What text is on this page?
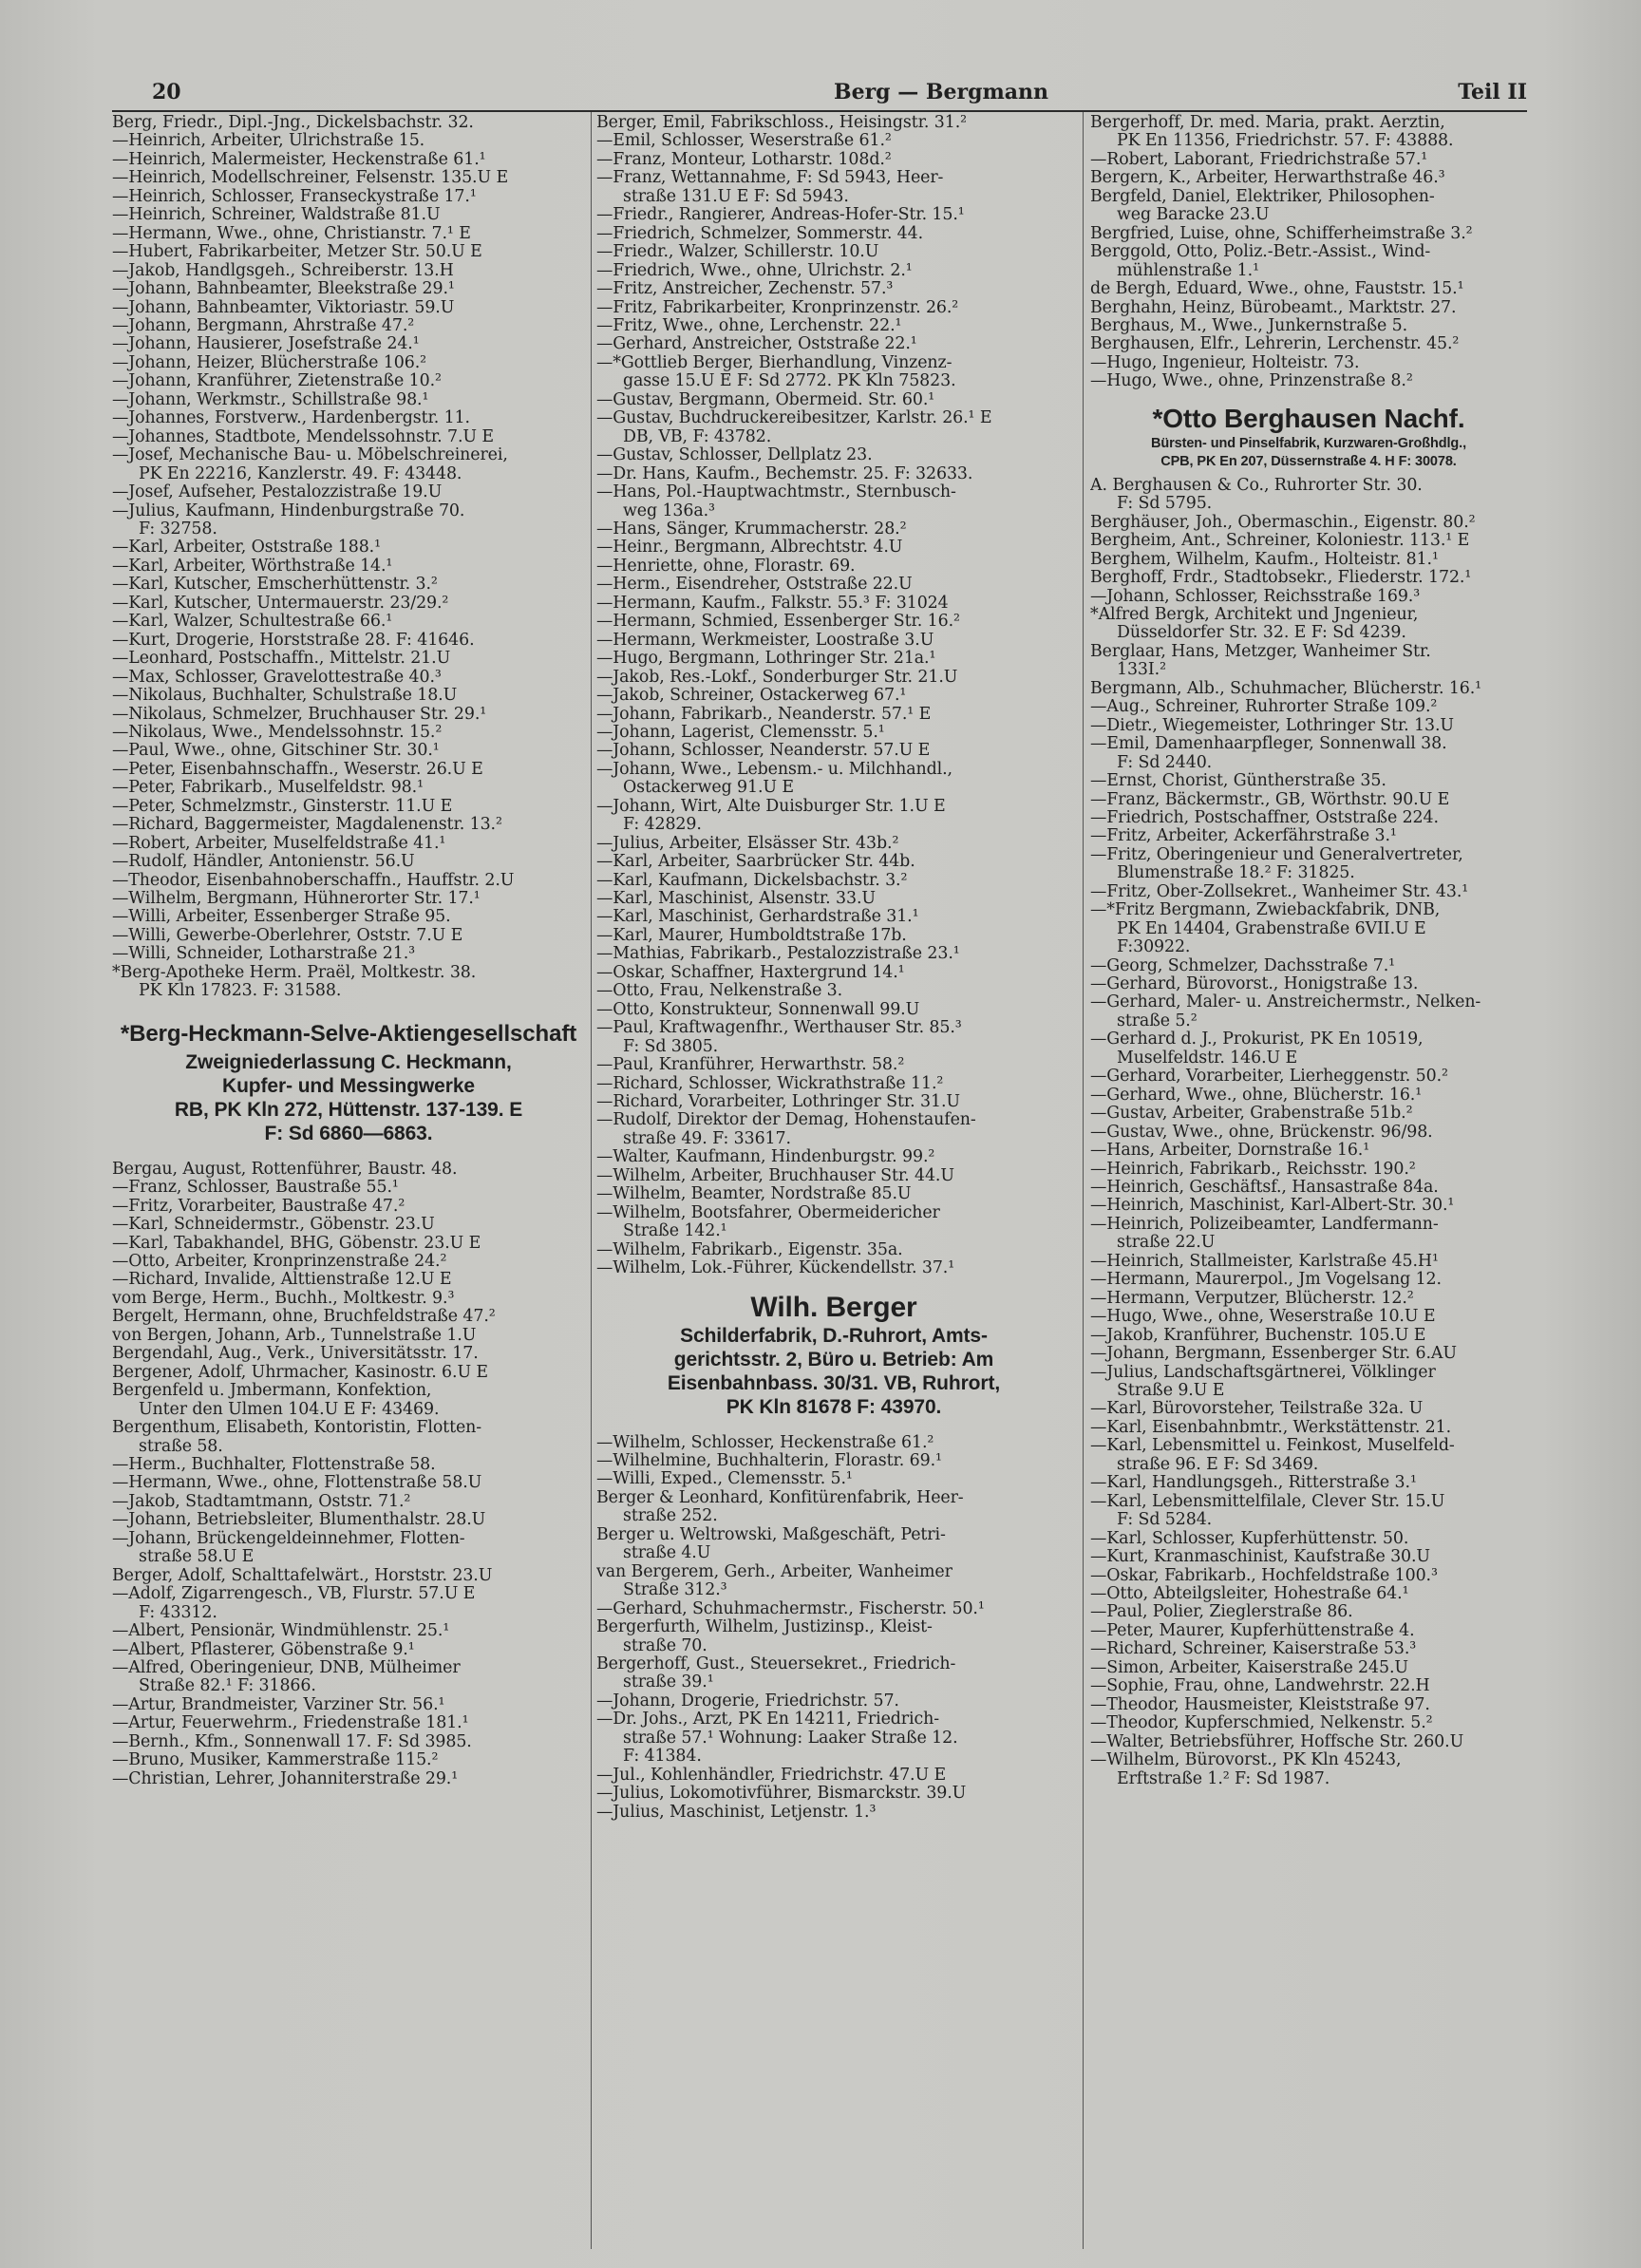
20	Berg — Bergmann	Teil II
Berg, Friedr., Dipl.-Jng., Dickelsbachstr. 32.
—Heinrich, Arbeiter, Ulrichstraße 15.
—Heinrich, Malermeister, Heckenstraße 61.¹
—Heinrich, Modellschreiner, Felsenstr. 135.U E
—Heinrich, Schlosser, Franseckystraße 17.¹
—Heinrich, Schreiner, Waldstraße 81.U
—Hermann, Wwe., ohne, Christianstr. 7.¹ E
—Hubert, Fabrikarbeiter, Metzer Str. 50.U E
—Jakob, Handlgsgeh., Schreiberstr. 13.H
—Johann, Bahnbeamter, Bleekstraße 29.¹
—Johann, Bahnbeamter, Viktoriastr. 59.U
—Johann, Bergmann, Ahrstraße 47.²
—Johann, Hausierer, Josefstraße 24.¹
—Johann, Heizer, Blücherstraße 106.²
—Johann, Kranführer, Zietenstraße 10.²
—Johann, Werkmstr., Schillstraße 98.¹
—Johannes, Forstverw., Hardenbergstr. 11.
—Johannes, Stadtbote, Mendelssohnstr. 7.U E
—Josef, Mechanische Bau- u. Möbelschreinerei,
PK En 22216, Kanzlerstr. 49. F: 43448.
—Josef, Aufseher, Pestalozzistraße 19.U
—Julius, Kaufmann, Hindenburgstraße 70.
F: 32758.
—Karl, Arbeiter, Oststraße 188.¹
—Karl, Arbeiter, Wörthstraße 14.¹
—Karl, Kutscher, Emscherhüttenstr. 3.²
—Karl, Kutscher, Untermauerstr. 23/29.²
—Karl, Walzer, Schultestraße 66.¹
—Kurt, Drogerie, Horststraße 28. F: 41646.
—Leonhard, Postschaffn., Mittelstr. 21.U
—Max, Schlosser, Gravelottestraße 40.³
—Nikolaus, Buchhalter, Schulstraße 18.U
—Nikolaus, Schmelzer, Bruchhauser Str. 29.¹
—Nikolaus, Wwe., Mendelssohnstr. 15.²
—Paul, Wwe., ohne, Gitschiner Str. 30.¹
—Peter, Eisenbahnschaffn., Weserstr. 26.U E
—Peter, Fabrikarb., Muselfeldstr. 98.¹
—Peter, Schmelzmstr., Ginsterstr. 11.U E
—Richard, Baggermeister, Magdalenenstr. 13.²
—Robert, Arbeiter, Muselfeldstraße 41.¹
—Rudolf, Händler, Antonienstr. 56.U
—Theodor, Eisenbahnoberschaffn., Hauffstr. 2.U
—Wilhelm, Bergmann, Hühnerorter Str. 17.¹
—Willi, Arbeiter, Essenberger Straße 95.
—Willi, Gewerbe-Oberlehrer, Oststr. 7.U E
—Willi, Schneider, Lotharstraße 21.³
*Berg-Apotheke Herm. Praël, Moltkestr. 38.
PK Kln 17823. F: 31588.
*Berg-Heckmann-Selve-Aktiengesellschaft
Zweigniederlassung C. Heckmann,
Kupfer- und Messingwerke
RB, PK Kln 272, Hüttenstr. 137-139. E
F: Sd 6860—6863.
Bergau, August, Rottenführer, Baustr. 48.
—Franz, Schlosser, Baustraße 55.¹
—Fritz, Vorarbeiter, Baustraße 47.²
—Karl, Schneidermstr., Göbenstr. 23.U
—Karl, Tabakhandel, BHG, Göbenstr. 23.U E
—Otto, Arbeiter, Kronprinzenstraße 24.²
—Richard, Invalide, Alttienstraße 12.U E
vom Berge, Herm., Buchh., Moltkestr. 9.³
Bergelt, Hermann, ohne, Bruchfeldstraße 47.²
von Bergen, Johann, Arb., Tunnelstraße 1.U
Bergendahl, Aug., Verk., Universitätsstr. 17.
Bergener, Adolf, Uhrmacher, Kasinostr. 6.U E
Bergenfeld u. Jmbermann, Konfektion,
Unter den Ulmen 104.U E F: 43469.
Bergenthum, Elisabeth, Kontoristin, Flotten-
straße 58.
—Herm., Buchhalter, Flottenstraße 58.
—Hermann, Wwe., ohne, Flottenstraße 58.U
—Jakob, Stadtamtmann, Oststr. 71.²
—Johann, Betriebsleiter, Blumenthalstr. 28.U
—Johann, Brückengeldeinnehmer, Flotten-
straße 58.U E
Berger, Adolf, Schalttafelwärt., Horststr. 23.U
—Adolf, Zigarrengesch., VB, Flurstr. 57.U E
F: 43312.
—Albert, Pensionär, Windmühlenstr. 25.¹
—Albert, Pflasterer, Göbenstraße 9.¹
—Alfred, Oberingenieur, DNB, Mülheimer
Straße 82.¹ F: 31866.
—Artur, Brandmeister, Varziner Str. 56.¹
—Artur, Feuerwehrm., Friedenstraße 181.¹
—Bernh., Kfm., Sonnenwall 17. F: Sd 3985.
—Bruno, Musiker, Kammerstraße 115.²
—Christian, Lehrer, Johanniterstraße 29.¹
Berger, Emil, Fabrikschloss., Heisingstr. 31.²
—Emil, Schlosser, Weserstraße 61.²
—Franz, Monteur, Lotharstr. 108d.²
—Franz, Wettannahme, F: Sd 5943, Heer-
straße 131.U E F: Sd 5943.
—Friedr., Rangierer, Andreas-Hofer-Str. 15.¹
—Friedrich, Schmelzer, Sommerstr. 44.
—Friedr., Walzer, Schillerstr. 10.U
—Friedrich, Wwe., ohne, Ulrichstr. 2.¹
—Fritz, Anstreicher, Zechenstr. 57.³
—Fritz, Fabrikarbeiter, Kronprinzenstr. 26.²
—Fritz, Wwe., ohne, Lerchenstr. 22.¹
—Gerhard, Anstreicher, Oststraße 22.¹
—*Gottlieb Berger, Bierhandlung, Vinzenz-
gasse 15.U E F: Sd 2772. PK Kln 75823.
—Gustav, Bergmann, Obermeid. Str. 60.¹
—Gustav, Buchdruckereibesitzer, Karlstr. 26.¹ E
DB, VB, F: 43782.
—Gustav, Schlosser, Dellplatz 23.
—Dr. Hans, Kaufm., Bechemstr. 25. F: 32633.
—Hans, Pol.-Hauptwachtmstr., Sternbusch-
weg 136a.³
—Hans, Sänger, Krummacherstr. 28.²
—Heinr., Bergmann, Albrechtstr. 4.U
—Henriette, ohne, Florastr. 69.
—Herm., Eisendreher, Oststraße 22.U
—Hermann, Kaufm., Falkstr. 55.³ F: 31024
—Hermann, Schmied, Essenberger Str. 16.²
—Hermann, Werkmeister, Loostraße 3.U
—Hugo, Bergmann, Lothringer Str. 21a.¹
—Jakob, Res.-Lokf., Sonderburger Str. 21.U
—Jakob, Schreiner, Ostackerweg 67.¹
—Johann, Fabrikarb., Neanderstr. 57.¹ E
—Johann, Lagerist, Clemensstr. 5.¹
—Johann, Schlosser, Neanderstr. 57.U E
—Johann, Wwe., Lebensm.- u. Milchhandl.,
Ostackerweg 91.U E
—Johann, Wirt, Alte Duisburger Str. 1.U E
F: 42829.
—Julius, Arbeiter, Elsässer Str. 43b.²
—Karl, Arbeiter, Saarbrücker Str. 44b.
—Karl, Kaufmann, Dickelsbachstr. 3.²
—Karl, Maschinist, Alsenstr. 33.U
—Karl, Maschinist, Gerhardstraße 31.¹
—Karl, Maurer, Humboldtstraße 17b.
—Mathias, Fabrikarb., Pestalozzistraße 23.¹
—Oskar, Schaffner, Haxtergrund 14.¹
—Otto, Frau, Nelkenstraße 3.
—Otto, Konstrukteur, Sonnenwall 99.U
—Paul, Kraftwagenfhr., Werthauser Str. 85.³
F: Sd 3805.
—Paul, Kranführer, Herwarthstr. 58.²
—Richard, Schlosser, Wickrathstraße 11.²
—Richard, Vorarbeiter, Lothringer Str. 31.U
—Rudolf, Direktor der Demag, Hohenstaufen-
straße 49. F: 33617.
—Walter, Kaufmann, Hindenburgstr. 99.²
—Wilhelm, Arbeiter, Bruchhauser Str. 44.U
—Wilhelm, Beamter, Nordstraße 85.U
—Wilhelm, Bootsfahrer, Obermeidericher
Straße 142.¹
—Wilhelm, Fabrikarb., Eigenstr. 35a.
—Wilhelm, Lok.-Führer, Kückendellstr. 37.¹
Wilh. Berger
Schilderfabrik, D.-Ruhrort, Amts-
gerichtsstr. 2, Büro u. Betrieb: Am
Eisenbahnbass. 30/31. VB, Ruhrort,
PK Kln 81678 F: 43970.
—Wilhelm, Schlosser, Heckenstraße 61.²
—Wilhelmine, Buchhalterin, Florastr. 69.¹
—Willi, Exped., Clemensstr. 5.¹
Berger & Leonhard, Konfitürenfabrik, Heer-
straße 252.
Berger u. Weltrowski, Maßgeschäft, Petri-
straße 4.U
van Bergerem, Gerh., Arbeiter, Wanheimer
Straße 312.³
—Gerhard, Schuhmachermstr., Fischerstr. 50.¹
Bergerfurth, Wilhelm, Justizinsp., Kleist-
straße 70.
Bergerhoff, Gust., Steuersekret., Friedrich-
straße 39.¹
—Johann, Drogerie, Friedrichstr. 57.
—Dr. Johs., Arzt, PK En 14211, Friedrich-
straße 57.¹ Wohnung: Laaker Straße 12.
F: 41384.
—Jul., Kohlenhändler, Friedrichstr. 47.U E
—Julius, Lokomotivführer, Bismarckstr. 39.U
—Julius, Maschinist, Letjenstr. 1.³
Bergerhoff, Dr. med. Maria, prakt. Aerztin,
PK En 11356, Friedrichstr. 57. F: 43888.
—Robert, Laborant, Friedrichstraße 57.¹
Bergern, K., Arbeiter, Herwarthstraße 46.³
Bergfeld, Daniel, Elektriker, Philosophen-
weg Baracke 23.U
Bergfried, Luise, ohne, Schifferheimstraße 3.²
Berggold, Otto, Poliz.-Betr.-Assist., Wind-
mühlenstraße 1.¹
de Bergh, Eduard, Wwe., ohne, Fauststr. 15.¹
Berghahn, Heinz, Bürobeamt., Marktstr. 27.
Berghaus, M., Wwe., Junkernstraße 5.
Berghausen, Elfr., Lehrerin, Lerchenstr. 45.²
—Hugo, Ingenieur, Holteistr. 73.
—Hugo, Wwe., ohne, Prinzenstraße 8.²
*Otto Berghausen Nachf.
Bürsten- und Pinselfabrik, Kurzwaren-Großhdlg.,
CPB, PK En 207, Düssernstraße 4. H F: 30078.
A. Berghausen & Co., Ruhrorter Str. 30.
F: Sd 5795.
Berghäuser, Joh., Obermaschin., Eigenstr. 80.²
Bergheim, Ant., Schreiner, Koloniestr. 113.¹ E
Berghem, Wilhelm, Kaufm., Holteistr. 81.¹
Berghoff, Frdr., Stadtobsekr., Fliederstr. 172.¹
—Johann, Schlosser, Reichsstraße 169.³
*Alfred Bergk, Architekt und Jngenieur,
Düsseldorfer Str. 32. E F: Sd 4239.
Berglaar, Hans, Metzger, Wanheimer Str.
133I.²
Bergmann, Alb., Schuhmacher, Blücherstr. 16.¹
—Aug., Schreiner, Ruhrorter Straße 109.²
—Dietr., Wiegemeister, Lothringer Str. 13.U
—Emil, Damenhaarpfleger, Sonnenwall 38.
F: Sd 2440.
—Ernst, Chorist, Güntherstraße 35.
—Franz, Bäckermstr., GB, Wörthstr. 90.U E
—Friedrich, Postschaffner, Oststraße 224.
—Fritz, Arbeiter, Ackerfährstraße 3.¹
—Fritz, Oberingenieur und Generalvertreter,
Blumenstraße 18.² F: 31825.
—Fritz, Ober-Zollsekret., Wanheimer Str. 43.¹
—*Fritz Bergmann, Zwiebackfabrik, DNB,
PK En 14404, Grabenstraße 6VII.U E
F:30922.
—Georg, Schmelzer, Dachsstraße 7.¹
—Gerhard, Bürovorst., Honigstraße 13.
—Gerhard, Maler- u. Anstreichermstr., Nelken-
straße 5.²
—Gerhard d. J., Prokurist, PK En 10519,
Muselfeldstr. 146.U E
—Gerhard, Vorarbeiter, Lierheggenstr. 50.²
—Gerhard, Wwe., ohne, Blücherstr. 16.¹
—Gustav, Arbeiter, Grabenstraße 51b.²
—Gustav, Wwe., ohne, Brückenstr. 96/98.
—Hans, Arbeiter, Dornstraße 16.¹
—Heinrich, Fabrikarb., Reichsstr. 190.²
—Heinrich, Geschäftsf., Hansastraße 84a.
—Heinrich, Maschinist, Karl-Albert-Str. 30.¹
—Heinrich, Polizeibeamter, Landfermann-
straße 22.U
—Heinrich, Stallmeister, Karlstraße 45.H¹
—Hermann, Maurerpol., Jm Vogelsang 12.
—Hermann, Verputzer, Blücherstr. 12.²
—Hugo, Wwe., ohne, Weserstraße 10.U E
—Jakob, Kranführer, Buchenstr. 105.U E
—Johann, Bergmann, Essenberger Str. 6.AU
—Julius, Landschaftsgärtnerei, Völklinger
Straße 9.U E
—Karl, Bürovorsteher, Teilstraße 32a. U
—Karl, Eisenbahnbmtr., Werkstättenstr. 21.
—Karl, Lebensmittel u. Feinkost, Muselfeld-
straße 96. E F: Sd 3469.
—Karl, Handlungsgeh., Ritterstraße 3.¹
—Karl, Lebensmittelfilale, Clever Str. 15.U
F: Sd 5284.
—Karl, Schlosser, Kupferhüttenstr. 50.
—Kurt, Kranmaschinist, Kaufstraße 30.U
—Oskar, Fabrikarb., Hochfeldstraße 100.³
—Otto, Abteilgsleiter, Hohestraße 64.¹
—Paul, Polier, Zieglerstraße 86.
—Peter, Maurer, Kupferhüttenstraße 4.
—Richard, Schreiner, Kaiserstraße 53.³
—Simon, Arbeiter, Kaiserstraße 245.U
—Sophie, Frau, ohne, Landwehrstr. 22.H
—Theodor, Hausmeister, Kleiststraße 97.
—Theodor, Kupferschmied, Nelkenstr. 5.²
—Walter, Betriebsführer, Hoffsche Str. 260.U
—Wilhelm, Bürovorst., PK Kln 45243,
Erftstraße 1.² F: Sd 1987.
